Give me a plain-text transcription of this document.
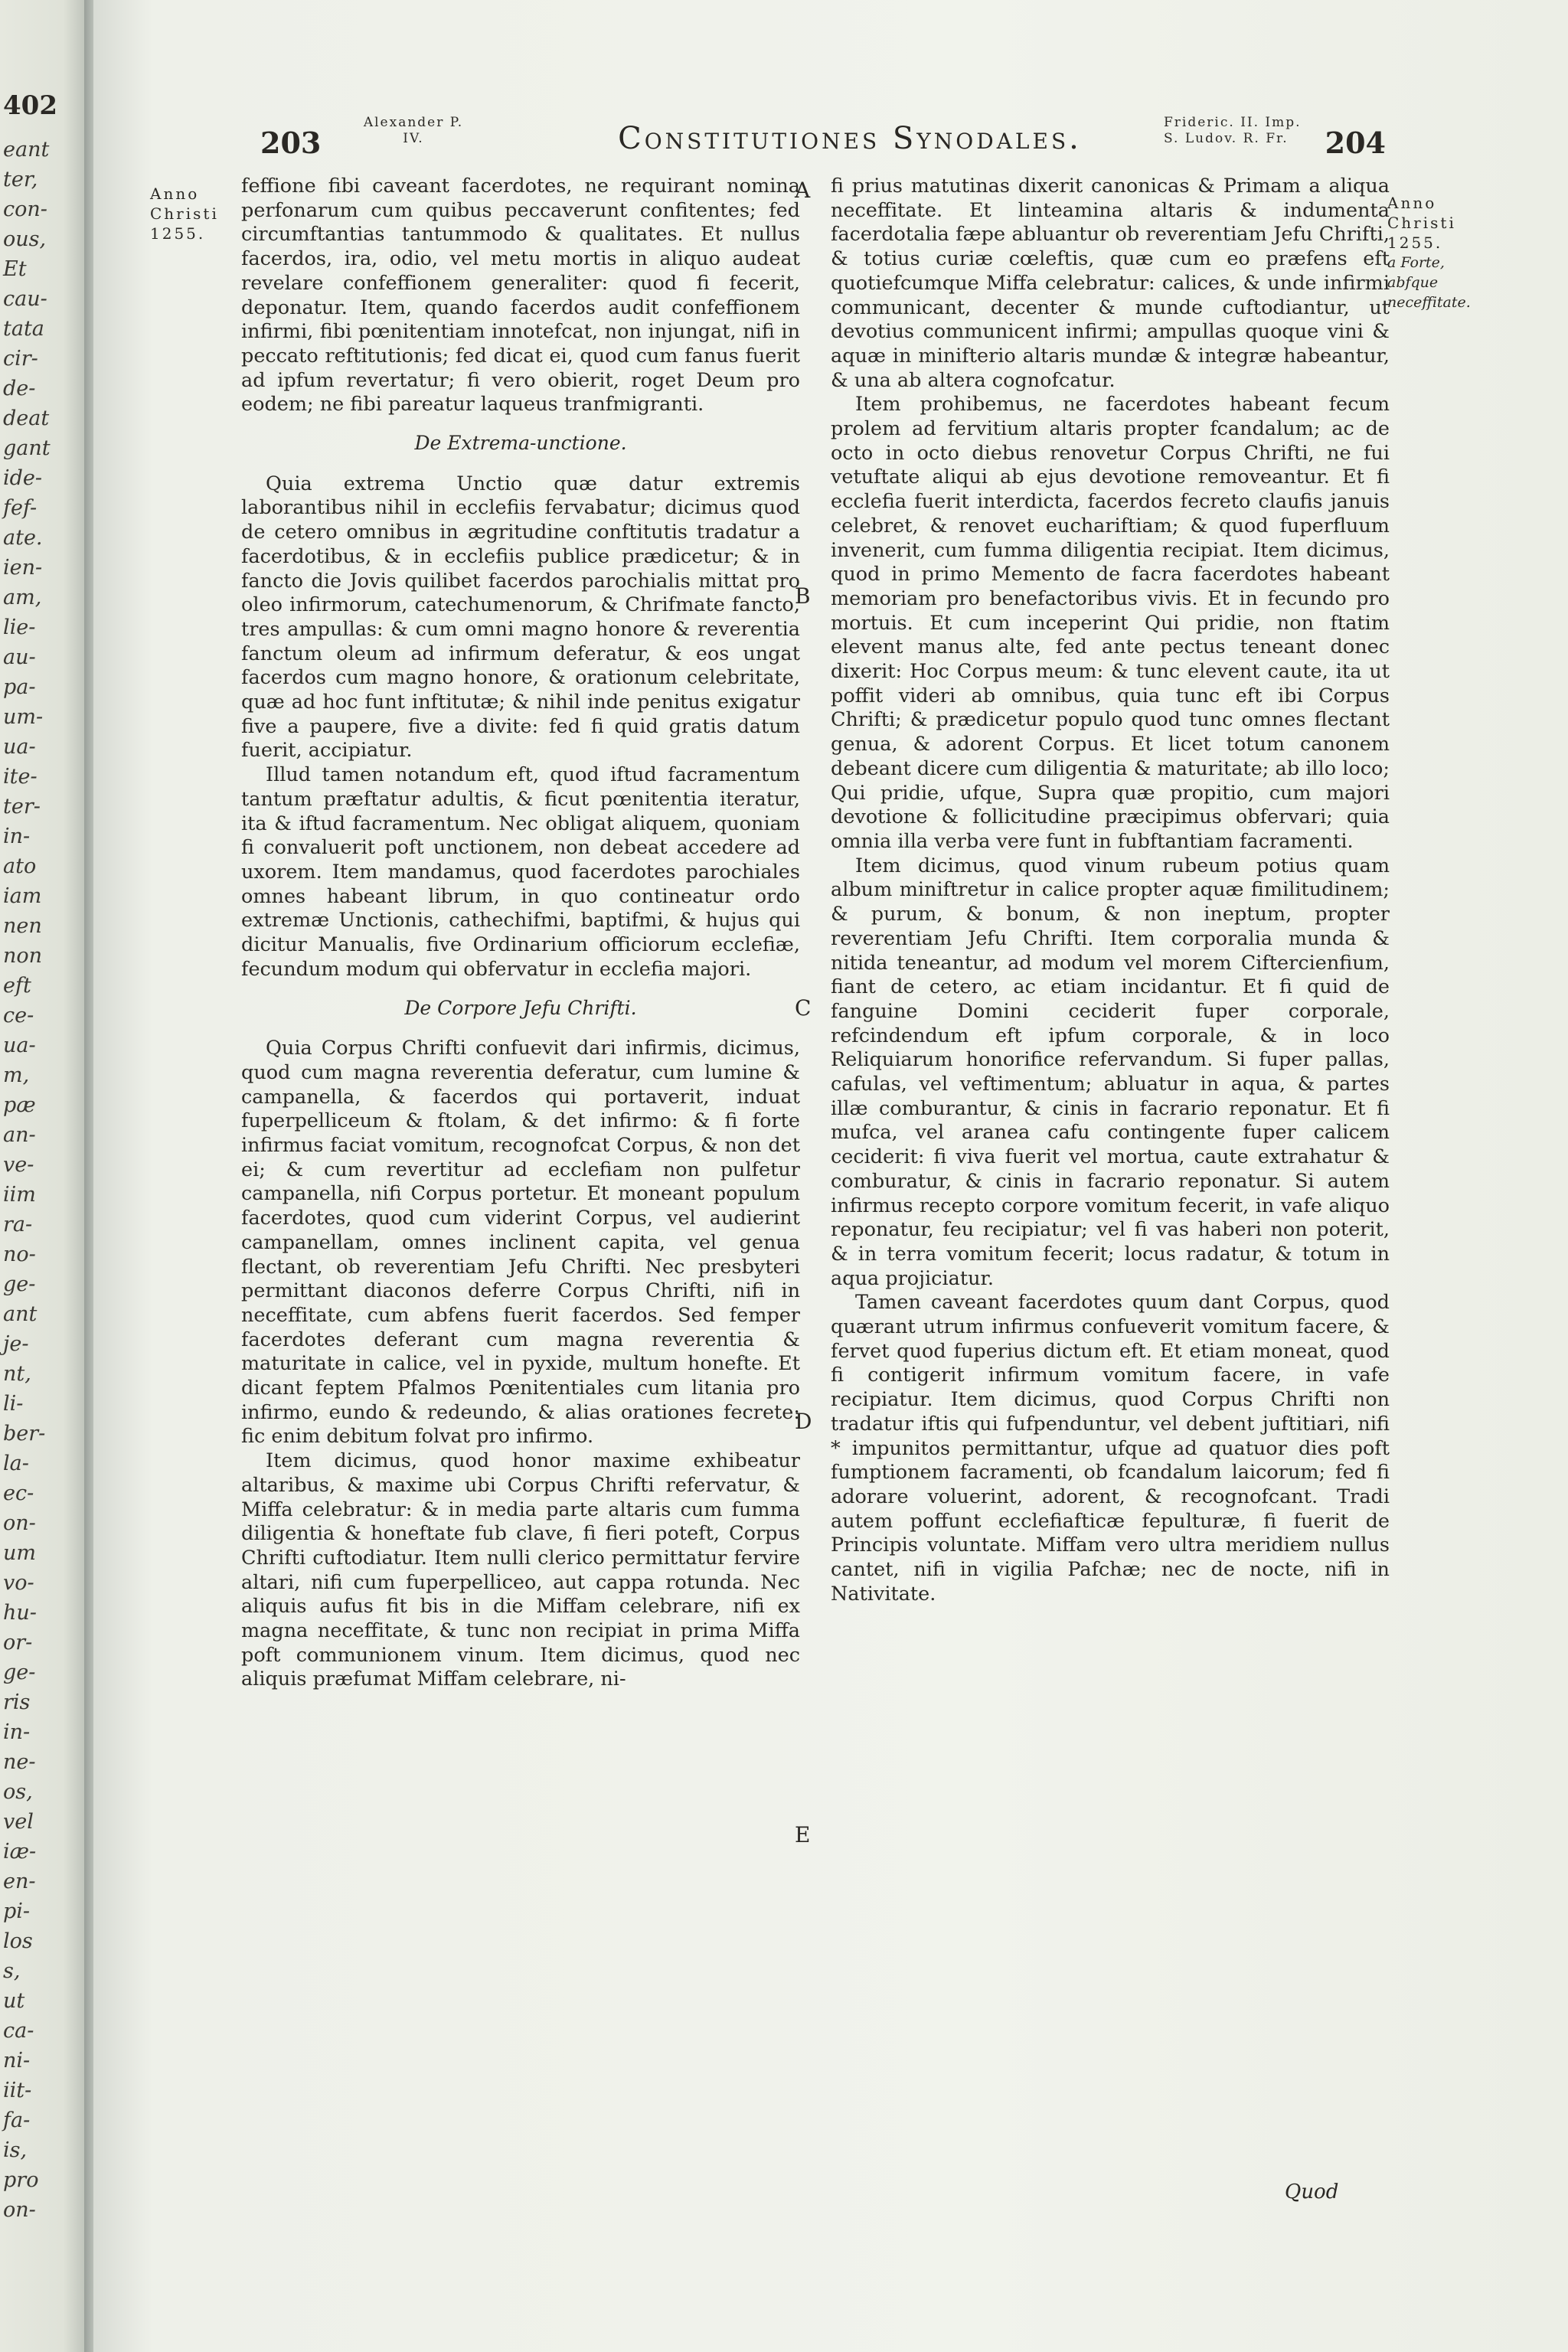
402
eant
ter,
con-
ous,
Et
cau-
tata
cir-
de-
deat
gant
ide-
fef-
ate.
ien-
am,
lie-
au-
pa-
um-
ua-
ite-
ter-
in-
ato
iam
nen
non
eft
ce-
ua-
m,
pæ
an-
ve-
iim
ra-
no-
ge-
ant
je-
nt,
li-
ber-
la-
ec-
on-
um
vo-
hu-
or-
ge-
ris
in-
ne-
os,
vel
iæ-
en-
pi-
los
s,
ut
ca-
ni-
iit-
fa-
is,
pro
on-
203
Alexander P. IV.	Constitutiones Synodales.	Frideric. II. Imp. S. Ludov. R. Fr.	204
Anno Christi 1255.
Anno Christi 1255.
a Forte, abfque neceffitate.
A
B
C
D
E

feffione fibi caveant facerdotes, ne requirant nomina perfonarum cum quibus peccaverunt confitentes; fed circumftantias tantummodo & qualitates. Et nullus facerdos, ira, odio, vel metu mortis in aliquo audeat revelare confeffionem generaliter: quod fi fecerit, deponatur. Item, quando facerdos audit confeffionem infirmi, fibi pœnitentiam innotefcat, non injungat, nifi in peccato reftitutionis; fed dicat ei, quod cum fanus fuerit ad ipfum revertatur; fi vero obierit, roget Deum pro eodem; ne fibi pareatur laqueus tranfmigranti.

De Extrema-unctione.

Quia extrema Unctio quæ datur extremis laborantibus nihil in ecclefiis fervabatur; dicimus quod de cetero omnibus in ægritudine conftitutis tradatur a facerdotibus, & in ecclefiis publice prædicetur; & in fancto die Jovis quilibet facerdos parochialis mittat pro oleo infirmorum, catechumenorum, & Chrifmate fancto, tres ampullas: & cum omni magno honore & reverentia fanctum oleum ad infirmum deferatur, & eos ungat facerdos cum magno honore, & orationum celebritate, quæ ad hoc funt inftitutæ; & nihil inde penitus exigatur five a paupere, five a divite: fed fi quid gratis datum fuerit, accipiatur.

Illud tamen notandum eft, quod iftud facramentum tantum præftatur adultis, & ficut pœnitentia iteratur, ita & iftud facramentum. Nec obligat aliquem, quoniam fi convaluerit poft unctionem, non debeat accedere ad uxorem. Item mandamus, quod facerdotes parochiales omnes habeant librum, in quo contineatur ordo extremæ Unctionis, cathechifmi, baptifmi, & hujus qui dicitur Manualis, five Ordinarium officiorum ecclefiæ, fecundum modum qui obfervatur in ecclefia majori.

De Corpore Jefu Chrifti.

Quia Corpus Chrifti confuevit dari infirmis, dicimus, quod cum magna reverentia deferatur, cum lumine & campanella, & facerdos qui portaverit, induat fuperpelliceum & ftolam, & det infirmo: & fi forte infirmus faciat vomitum, recognofcat Corpus, & non det ei; & cum revertitur ad ecclefiam non pulfetur campanella, nifi Corpus portetur. Et moneant populum facerdotes, quod cum viderint Corpus, vel audierint campanellam, omnes inclinent capita, vel genua flectant, ob reverentiam Jefu Chrifti. Nec presbyteri permittant diaconos deferre Corpus Chrifti, nifi in neceffitate, cum abfens fuerit facerdos. Sed femper facerdotes deferant cum magna reverentia & maturitate in calice, vel in pyxide, multum honefte. Et dicant feptem Pfalmos Pœnitentiales cum litania pro infirmo, eundo & redeundo, & alias orationes fecrete: fic enim debitum folvat pro infirmo.

Item dicimus, quod honor maxime exhibeatur altaribus, & maxime ubi Corpus Chrifti refervatur, & Miffa celebratur: & in media parte altaris cum fumma diligentia & honeftate fub clave, fi fieri poteft, Corpus Chrifti cuftodiatur. Item nulli clerico permittatur fervire altari, nifi cum fuperpelliceo, aut cappa rotunda. Nec aliquis aufus fit bis in die Miffam celebrare, nifi ex magna neceffitate, & tunc non recipiat in prima Miffa poft communionem vinum. Item dicimus, quod nec aliquis præfumat Miffam celebrare, ni-

fi prius matutinas dixerit canonicas & Primam a aliqua neceffitate. Et linteamina altaris & indumenta facerdotalia fæpe abluantur ob reverentiam Jefu Chrifti, & totius curiæ cœleftis, quæ cum eo præfens eft quotiefcumque Miffa celebratur: calices, & unde infirmi communicant, decenter & munde cuftodiantur, ut devotius communicent infirmi; ampullas quoque vini & aquæ in minifterio altaris mundæ & integræ habeantur, & una ab altera cognofcatur.

Item prohibemus, ne facerdotes habeant fecum prolem ad fervitium altaris propter fcandalum; ac de octo in octo diebus renovetur Corpus Chrifti, ne fui vetuftate aliqui ab ejus devotione removeantur. Et fi ecclefia fuerit interdicta, facerdos fecreto claufis januis celebret, & renovet euchariftiam; & quod fuperfluum invenerit, cum fumma diligentia recipiat. Item dicimus, quod in primo Memento de facra facerdotes habeant memoriam pro benefactoribus vivis. Et in fecundo pro mortuis. Et cum inceperint Qui pridie, non ftatim elevent manus alte, fed ante pectus teneant donec dixerit: Hoc Corpus meum: & tunc elevent caute, ita ut poffit videri ab omnibus, quia tunc eft ibi Corpus Chrifti; & prædicetur populo quod tunc omnes flectant genua, & adorent Corpus. Et licet totum canonem debeant dicere cum diligentia & maturitate; ab illo loco; Qui pridie, ufque, Supra quæ propitio, cum majori devotione & follicitudine præcipimus obfervari; quia omnia illa verba vere funt in fubftantiam facramenti.

Item dicimus, quod vinum rubeum potius quam album miniftretur in calice propter aquæ fimilitudinem; & purum, & bonum, & non ineptum, propter reverentiam Jefu Chrifti. Item corporalia munda & nitida teneantur, ad modum vel morem Ciftercienfium, fiant de cetero, ac etiam incidantur. Et fi quid de fanguine Domini ceciderit fuper corporale, refcindendum eft ipfum corporale, & in loco Reliquiarum honorifice refervandum. Si fuper pallas, cafulas, vel veftimentum; abluatur in aqua, & partes illæ comburantur, & cinis in facrario reponatur. Et fi mufca, vel aranea cafu contingente fuper calicem ceciderit: fi viva fuerit vel mortua, caute extrahatur & comburatur, & cinis in facrario reponatur. Si autem infirmus recepto corpore vomitum fecerit, in vafe aliquo reponatur, feu recipiatur; vel fi vas haberi non poterit, & in terra vomitum fecerit; locus radatur, & totum in aqua projiciatur.

Tamen caveant facerdotes quum dant Corpus, quod quærant utrum infirmus confueverit vomitum facere, & fervet quod fuperius dictum eft. Et etiam moneat, quod fi contigerit infirmum vomitum facere, in vafe recipiatur. Item dicimus, quod Corpus Chrifti non tradatur iftis qui fufpenduntur, vel debent juftitiari, nifi * impunitos permittantur, ufque ad quatuor dies poft fumptionem facramenti, ob fcandalum laicorum; fed fi adorare voluerint, adorent, & recognofcant. Tradi autem poffunt ecclefiafticæ fepulturæ, fi fuerit de Principis voluntate. Miffam vero ultra meridiem nullus cantet, nifi in vigilia Pafchæ; nec de nocte, nifi in Nativitate.

Quod
